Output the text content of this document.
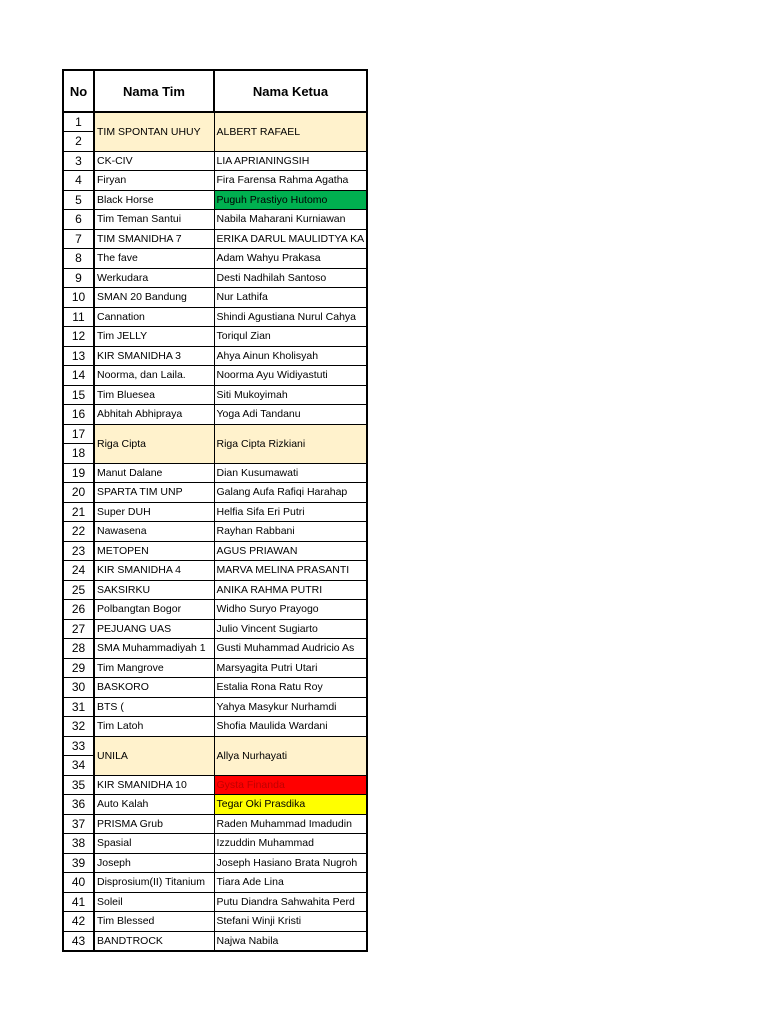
No	Nama Tim	Nama Ketua
1	TIM SPONTAN UHUY	ALBERT RAFAEL
2		
3	CK-CIV	LIA APRIANINGSIH
4	Firyan	Fira Farensa Rahma Agatha
5	Black Horse	Puguh Prastiyo Hutomo
6	Tim Teman Santui	Nabila Maharani Kurniawan
7	TIM SMANIDHA 7	ERIKA DARUL MAULIDTYA KA
8	The fave	Adam Wahyu Prakasa
9	Werkudara	Desti Nadhilah Santoso
10	SMAN 20 Bandung	Nur Lathifa
11	Cannation	Shindi Agustiana Nurul Cahya
12	Tim JELLY	Toriqul Zian
13	KIR SMANIDHA 3	Ahya Ainun Kholisyah
14	Noorma, dan Laila.	Noorma Ayu Widiyastuti
15	Tim Bluesea	Siti Mukoyimah
16	Abhitah Abhipraya	Yoga Adi Tandanu
17	Riga Cipta	Riga Cipta Rizkiani
18		
19	Manut Dalane	Dian Kusumawati
20	SPARTA TIM UNP	Galang Aufa Rafiqi Harahap
21	Super DUH	Helfia Sifa Eri Putri
22	Nawasena	Rayhan Rabbani
23	METOPEN	AGUS PRIAWAN
24	KIR SMANIDHA 4	MARVA MELINA PRASANTI
25	SAKSIRKU	ANIKA RAHMA PUTRI
26	Polbangtan Bogor	Widho Suryo Prayogo
27	PEJUANG UAS	Julio Vincent Sugiarto
28	SMA Muhammadiyah 1	Gusti Muhammad Audricio As
29	Tim Mangrove	Marsyagita Putri Utari
30	BASKORO	Estalia Rona Ratu Roy
31	BTS (	Yahya Masykur Nurhamdi
32	Tim Latoh	Shofia Maulida Wardani
33	UNILA	Allya Nurhayati
34		
35	KIR SMANIDHA 10	Gysta Finanda
36	Auto Kalah	Tegar Oki Prasdika
37	PRISMA Grub	Raden Muhammad Imadudin
38	Spasial	Izzuddin Muhammad
39	Joseph	Joseph Hasiano Brata Nugroh
40	Disprosium(II) Titanium	Tiara Ade Lina
41	Soleil	Putu Diandra Sahwahita Perd
42	Tim Blessed	Stefani Winji Kristi
43	BANDTROCK	Najwa Nabila
